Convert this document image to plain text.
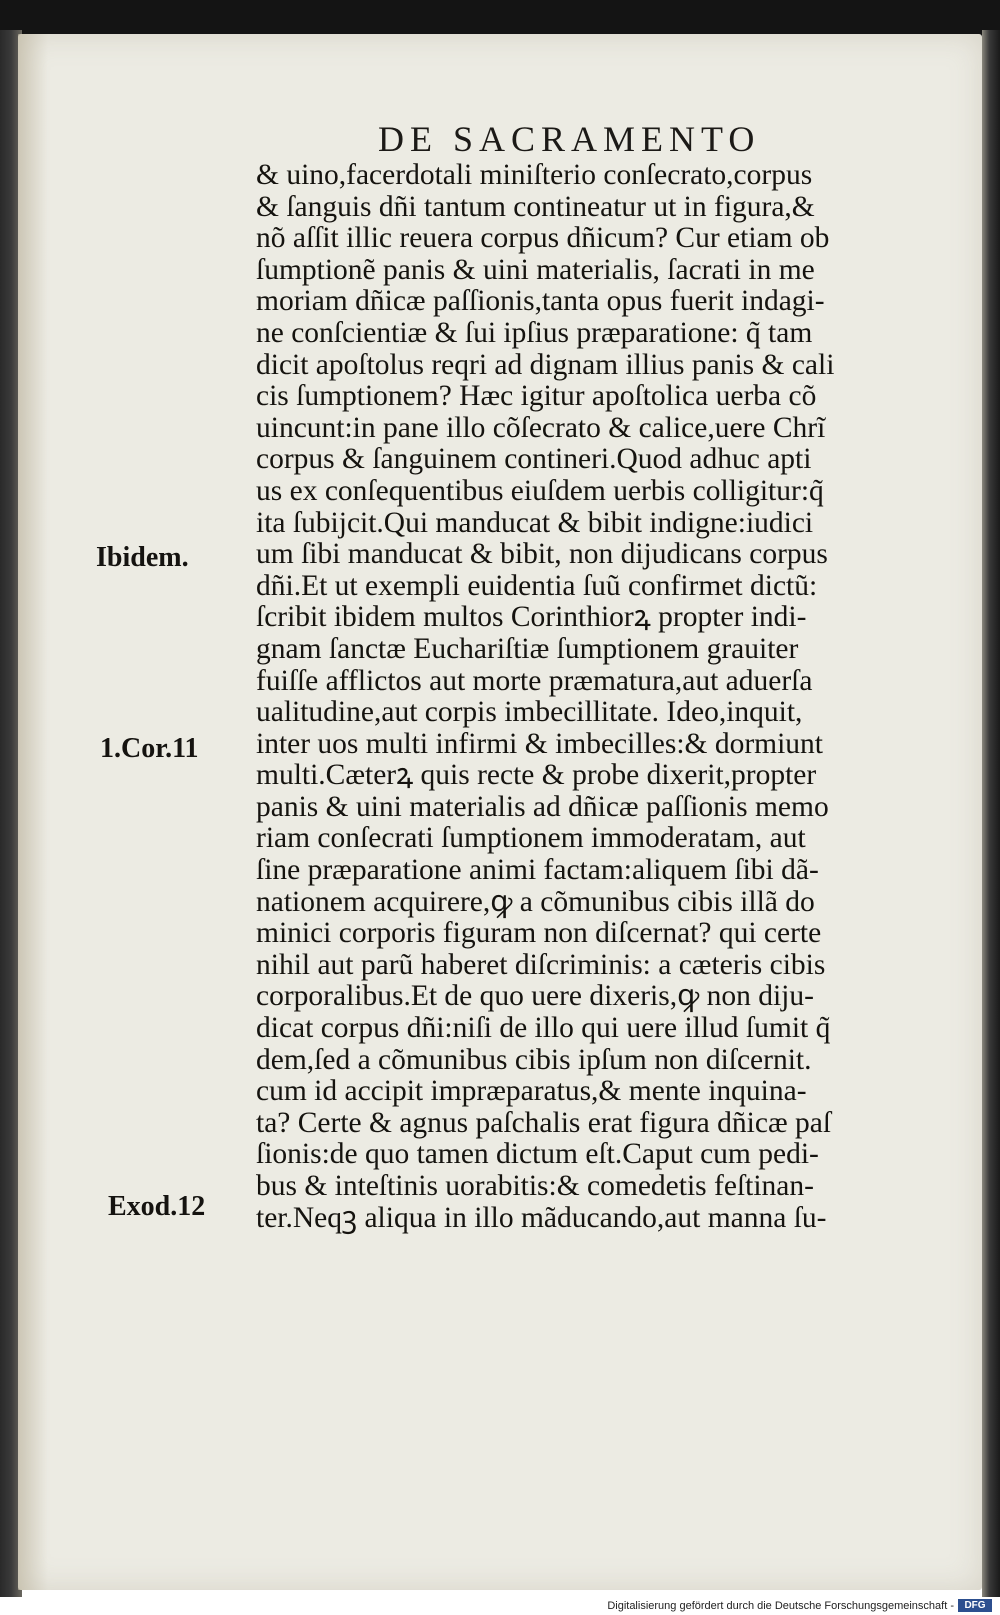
DE SACRAMENTO
Ibidem.
1.Cor.11
Exod.12
& uino,facerdotali miniſterio conſecrato,corpus
& ſanguis dñi tantum contineatur ut in figura,&
nõ aſſit illic reuera corpus dñicum? Cur etiam ob
ſumptionẽ panis & uini materialis, ſacrati in me
moriam dñicæ paſſionis,tanta opus fuerit indagi-
ne conſcientiæ & ſui ipſius præparatione: q̃ tam
dicit apoſtolus reqri ad dignam illius panis & cali
cis ſumptionem? Hæc igitur apoſtolica uerba cõ
uincunt:in pane illo cõſecrato & calice,uere Chrĩ
corpus & ſanguinem contineri.Quod adhuc apti
us ex conſequentibus eiuſdem uerbis colligitur:q̃
ita ſubijcit.Qui manducat & bibit indigne:iudici
um ſibi manducat & bibit, non dijudicans corpus
dñi.Et ut exempli euidentia ſuũ confirmet dictũ:
ſcribit ibidem multos Corinthiorꝝ propter indi-
gnam ſanctæ Euchariſtiæ ſumptionem grauiter
fuiſſe afflictos aut morte præmatura,aut aduerſa
ualitudine,aut corpis imbecillitate. Ideo,inquit,
inter uos multi infirmi & imbecilles:& dormiunt
multi.Cæterꝝ quis recte & probe dixerit,propter
panis & uini materialis ad dñicæ paſſionis memo
riam conſecrati ſumptionem immoderatam, aut
ſine præparatione animi factam:aliquem ſibi dã-
nationem acquirere,ꝙ a cõmunibus cibis illã do
minici corporis figuram non diſcernat? qui certe
nihil aut parũ haberet diſcriminis: a cæteris cibis
corporalibus.Et de quo uere dixeris,ꝙ non diju-
dicat corpus dñi:niſi de illo qui uere illud ſumit q̃
dem,ſed a cõmunibus cibis ipſum non diſcernit.
cum id accipit impræparatus,& mente inquina-
ta? Certe & agnus paſchalis erat figura dñicæ paſ
ſionis:de quo tamen dictum eſt.Caput cum pedi-
bus & inteſtinis uorabitis:& comedetis feſtinan-
ter.Neqꝫ aliqua in illo mãducando,aut manna ſu-
Digitalisierung gefördert durch die Deutsche Forschungsgemeinschaft -	DFG
